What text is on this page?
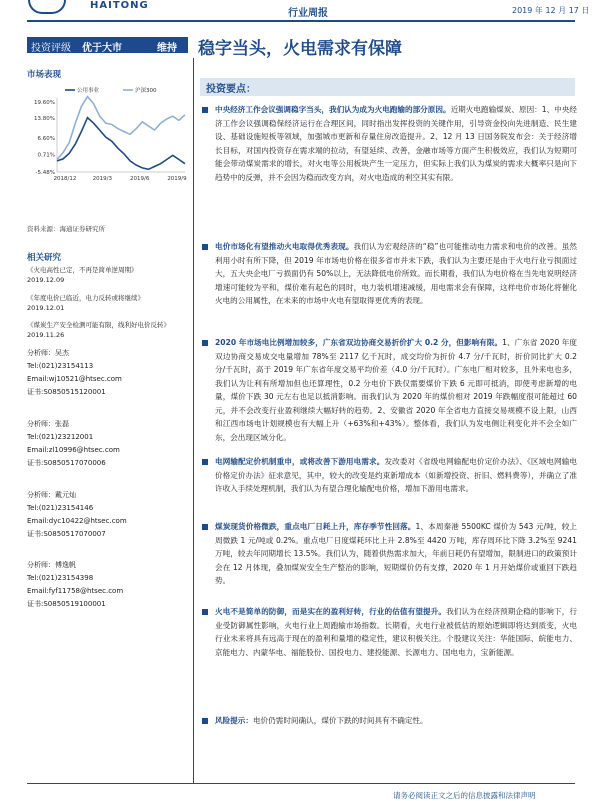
HAITONG
行业周报	2019 年 12 月 17 日
投资评级 优于大市	维持 稳字当头，火电需求有保障
市场表现
公用事业	沪深300
19.60%
13.80%
6.60%
0.71%
-5.48%
2018/12	2019/3	2019/6	2019/9
资料来源：海通证券研究所
相关研究
《火电高性已定，不再是简单逆周期》
2019.12.09
《年度电价已临近，电力反转或将继续》
2019.12.01
《煤炭生产安全检测可能有限，线利好电价反转》
2019.11.26
分析师：吴杰
Tel:(021)23154113
Email:wj10521@htsec.com
证书:S0850515120001
分析师：张磊
Tel:(021)23212001
Email:zl10996@htsec.com
证书:S0850517070006
分析师：戴元灿
Tel:(021)23154146
Email:dyc10422@htsec.com
证书:S0850517070007
分析师：傅逸帆
Tel:(021)23154398
Email:fyf11758@htsec.com
证书:S0850519100001
投资要点：
中央经济工作会议强调稳字当头，我们认为成为火电跑输的部分原因。近期火电跑输煤炭、原因：1、中央经济工作会议强调稳保经济运行在合理区间，同时指出发挥投资的关键作用，引导资金投向先进制造、民生建设、基础设施短板等领域，加强城市更新和存量住房改造提升。2、12 月 13 日国务院发布会：关于经济增长目标，对国内投资存在需求端的拉动，有望延续、改善，金融市场等方面产生积极效应，我们认为短期可能会带动煤炭需求的增长，对火电等公用板块产生一定压力，但实际上我们认为煤炭的需求大概率只是向下趋势中的反弹，并不会因为稳而改变方向，对火电造成的利空其实有限。
电价市场化有望推动火电取得优秀表现。我们认为宏观经济的“稳”也可能推动电力需求和电价的改善。虽然利用小时有所下降，但 2019 年市场电价格在很多省市并未下跌，我们认为主要还是由于火电行业亏损面过大，五大央企电厂亏损面仍有 50%以上，无法降低电价所致。而长期看，我们认为电价格在当先电说明经济增速可能较为平和，煤价难有起色的同时，电力装机增速减缓，用电需求会有保障，这样电价市场化将催化火电的公用属性，在未来的市场中火电有望取得更优秀的表现。
2020 年市场电比例增加较多，广东省双边协商交易折价扩大 0.2 分，但影响有限。1、广东省 2020 年度双边协商交易成交电量增加 78%至 2117 亿千瓦时，成交均价为折价 4.7 分/千瓦时，折价同比扩大 0.2 分/千瓦时，高于 2019 年广东省年度交易平均价差（4.0 分/千瓦时）。广东电厂相对较多，且外来电也多，我们认为让利有所增加但也还算理性，0.2 分电价下跌仅需要煤价下跌 6 元即可抵消，即使考虑新增的电量，煤价下跌 30 元左右也足以抵消影响。而我们认为 2020 年的煤价相对 2019 年跌幅度很可能超过 60 元，并不会改变行业盈利继续大幅好转的趋势。2、安徽省 2020 年全省电力直接交易规模不设上限，山西和江西市场电计划规模也有大幅上升（+63%和+43%）。整体看，我们认为发电侧让利变化并不会全如广东，会出现区域分化。
电网输配定价机制重申，或将改善下游用电需求。发改委对《省级电网输配电价定价办法》、《区域电网输电价格定价办法》征求意见，其中，较大的改变是约束新增成本（如新增投资、折旧、燃料费等），并确立了准许收入手续处理机制，我们认为有望合理化输配电价格，增加下游用电需求。
煤炭现货价格微跌，重点电厂日耗上升，库存季节性回落。1、本周秦港 5500KC 煤价为 543 元/吨，较上周微跌 1 元/吨或 0.2%。重点电厂日度煤耗环比上升 2.8%至 4420 万吨，库存周环比下降 3.2%至 9241 万吨，较去年同期增长 13.5%。我们认为，随着供热需求加大，年前日耗仍有望增加，限制进口的政策预计会在 12 月体现，叠加煤炭安全生产整治的影响，短期煤价仍有支撑，2020 年 1 月开始煤价或重回下跌趋势。
火电不是简单的防御，而是实在的盈利好转，行业的估值有望提升。我们认为在经济预期企稳的影响下，行业受防御属性影响，火电行业上周跑输市场指数。长期看，火电行业被低估的原始逻辑即将达到质变，火电行业未来将具有远高于现在的盈利和量增的稳定性，建议积极关注。个股建议关注：华能国际、皖能电力、京能电力、内蒙华电、福能股份、国投电力、建投能源、长源电力、国电电力，宝新能源。
风险提示：电价仍需时间确认，煤价下跌的时间具有不确定性。
请务必阅读正文之后的信息披露和法律声明
